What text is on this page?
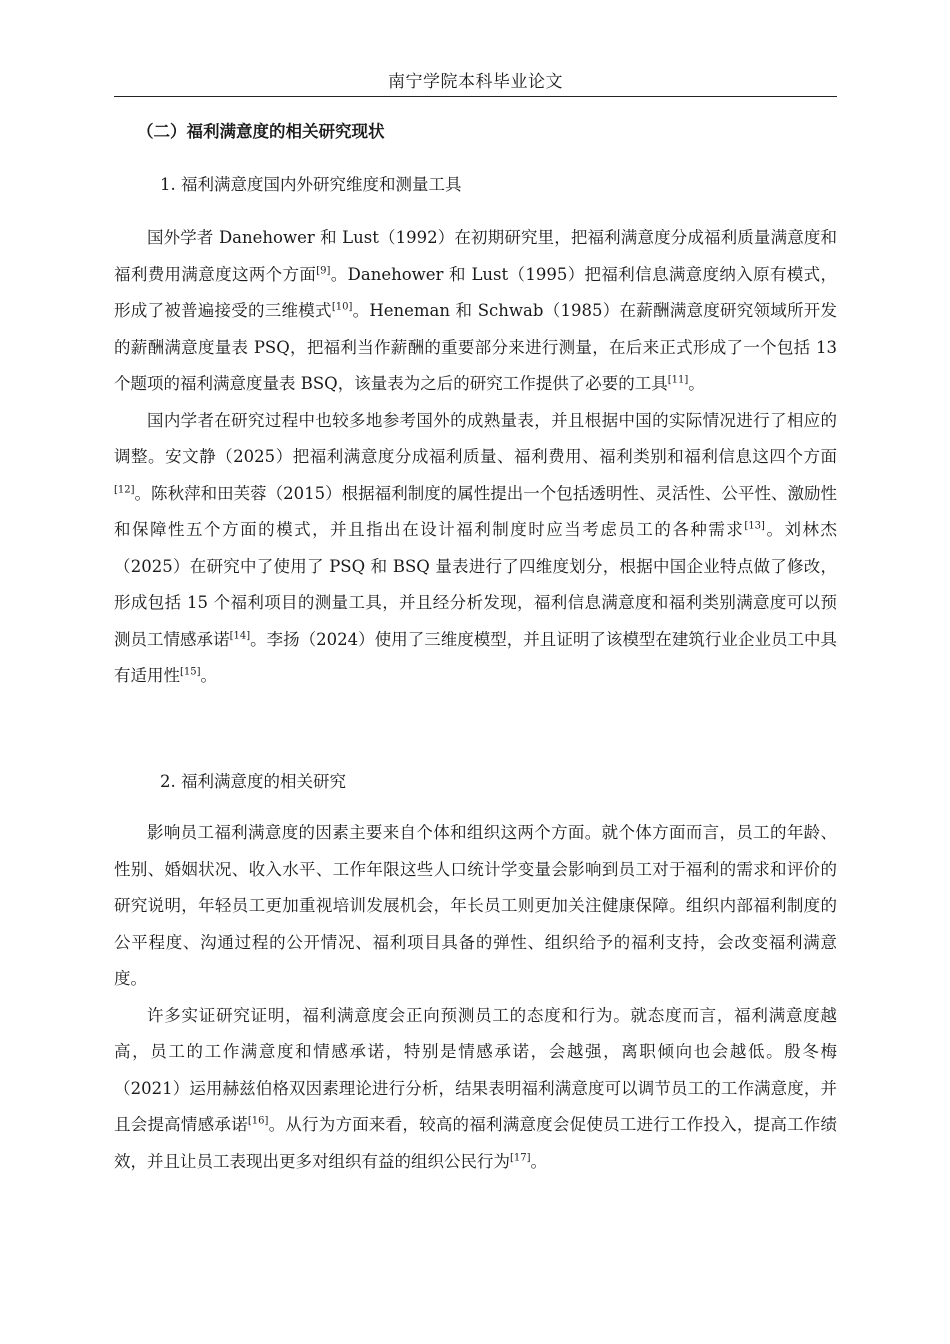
南宁学院本科毕业论文
（二）福利满意度的相关研究现状
1. 福利满意度国内外研究维度和测量工具

国外学者 Danehower 和 Lust（1992）在初期研究里，把福利满意度分成福利质量满意度和福利费用满意度这两个方面[9]。Danehower 和 Lust（1995）把福利信息满意度纳入原有模式，形成了被普遍接受的三维模式[10]。Heneman 和 Schwab（1985）在薪酬满意度研究领域所开发的薪酬满意度量表 PSQ，把福利当作薪酬的重要部分来进行测量，在后来正式形成了一个包括 13 个题项的福利满意度量表 BSQ，该量表为之后的研究工作提供了必要的工具[11]。

国内学者在研究过程中也较多地参考国外的成熟量表，并且根据中国的实际情况进行了相应的调整。安文静（2025）把福利满意度分成福利质量、福利费用、福利类别和福利信息这四个方面[12]。陈秋萍和田芙蓉（2015）根据福利制度的属性提出一个包括透明性、灵活性、公平性、激励性和保障性五个方面的模式，并且指出在设计福利制度时应当考虑员工的各种需求[13]。刘林杰（2025）在研究中了使用了 PSQ 和 BSQ 量表进行了四维度划分，根据中国企业特点做了修改，形成包括 15 个福利项目的测量工具，并且经分析发现，福利信息满意度和福利类别满意度可以预测员工情感承诺[14]。李扬（2024）使用了三维度模型，并且证明了该模型在建筑行业企业员工中具有适用性[15]。

2. 福利满意度的相关研究

影响员工福利满意度的因素主要来自个体和组织这两个方面。就个体方面而言，员工的年龄、性别、婚姻状况、收入水平、工作年限这些人口统计学变量会影响到员工对于福利的需求和评价的研究说明，年轻员工更加重视培训发展机会，年长员工则更加关注健康保障。组织内部福利制度的公平程度、沟通过程的公开情况、福利项目具备的弹性、组织给予的福利支持，会改变福利满意度。

许多实证研究证明，福利满意度会正向预测员工的态度和行为。就态度而言，福利满意度越高，员工的工作满意度和情感承诺，特别是情感承诺，会越强，离职倾向也会越低。殷冬梅（2021）运用赫兹伯格双因素理论进行分析，结果表明福利满意度可以调节员工的工作满意度，并且会提高情感承诺[16]。从行为方面来看，较高的福利满意度会促使员工进行工作投入，提高工作绩效，并且让员工表现出更多对组织有益的组织公民行为[17]。
